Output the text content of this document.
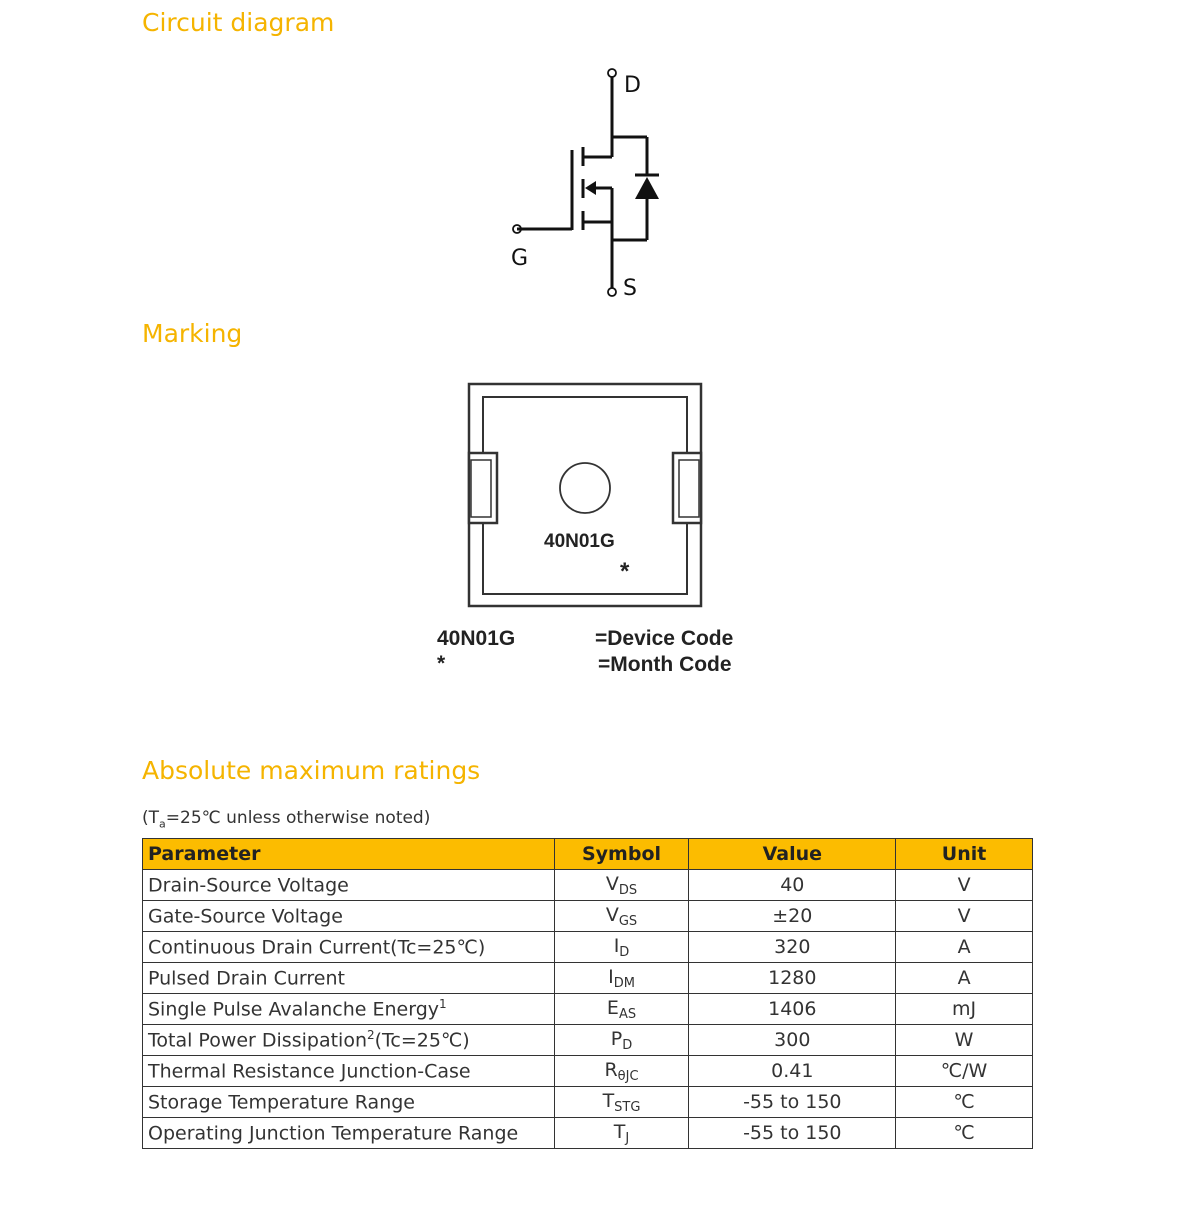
Circuit diagram
Marking
Absolute maximum ratings
D
G
S
40N01G
*
40N01G
*
=Device Code
=Month Code
($T_a=25℃$ unless otherwise noted)
Parameter	Symbol	Value	Unit
Drain-Source Voltage	$V_{DS}$	40	V
Gate-Source Voltage	$V_{GS}$	±20	V
Continuous Drain Current(Tc=25℃)	$I_D$	320	A
Pulsed Drain Current	$I_{DM}$	1280	A
Single Pulse Avalanche Energy$^1$	$E_{AS}$	1406	mJ
Total Power Dissipation$^2$(Tc=25℃)	$P_D$	300	W
Thermal Resistance Junction-Case	$R_{\theta JC}$	0.41	℃/W
Storage Temperature Range	$T_{STG}$	-55 to 150	℃
Operating Junction Temperature Range	$T_J$	-55 to 150	℃
